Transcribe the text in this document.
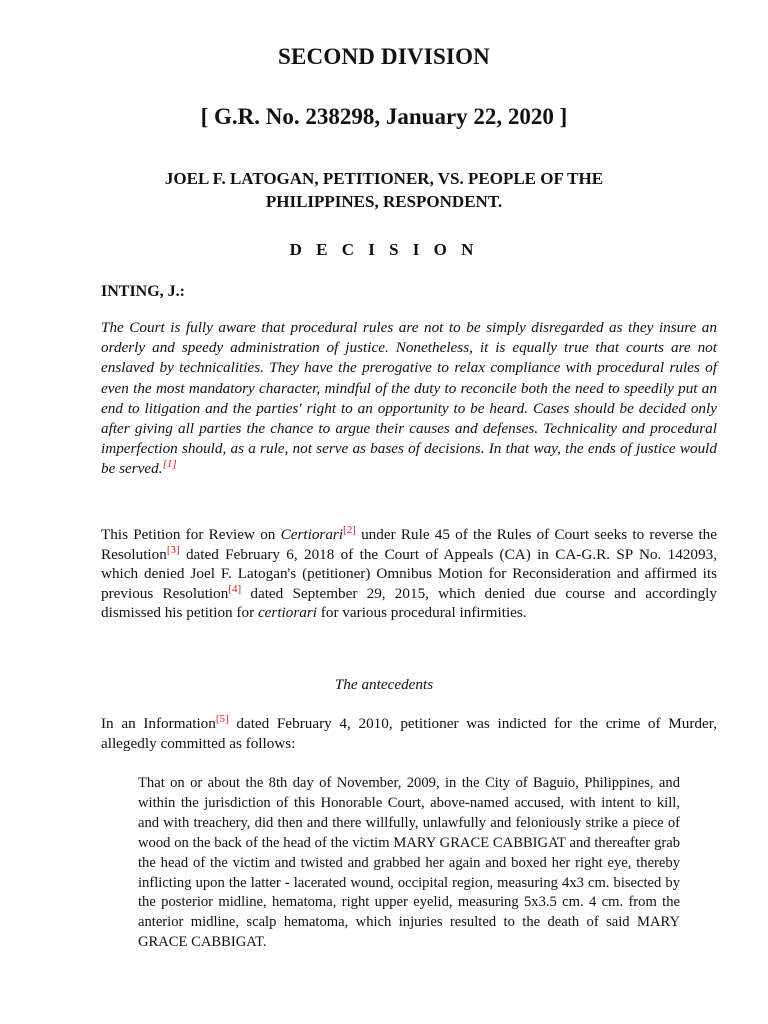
SECOND DIVISION
[ G.R. No. 238298, January 22, 2020 ]
JOEL F. LATOGAN, PETITIONER, VS. PEOPLE OF THE
PHILIPPINES, RESPONDENT.
D E C I S I O N
INTING, J.:
The Court is fully aware that procedural rules are not to be simply disregarded as they insure an orderly and speedy administration of justice. Nonetheless, it is equally true that courts are not enslaved by technicalities. They have the prerogative to relax compliance with procedural rules of even the most mandatory character, mindful of the duty to reconcile both the need to speedily put an end to litigation and the parties' right to an opportunity to be heard. Cases should be decided only after giving all parties the chance to argue their causes and defenses. Technicality and procedural imperfection should, as a rule, not serve as bases of decisions. In that way, the ends of justice would be served.[1]
This Petition for Review on Certiorari[2] under Rule 45 of the Rules of Court seeks to reverse the Resolution[3] dated February 6, 2018 of the Court of Appeals (CA) in CA-G.R. SP No. 142093, which denied Joel F. Latogan's (petitioner) Omnibus Motion for Reconsideration and affirmed its previous Resolution[4] dated September 29, 2015, which denied due course and accordingly dismissed his petition for certiorari for various procedural infirmities.
The antecedents
In an Information[5] dated February 4, 2010, petitioner was indicted for the crime of Murder, allegedly committed as follows:
That on or about the 8th day of November, 2009, in the City of Baguio, Philippines, and within the jurisdiction of this Honorable Court, above-named accused, with intent to kill, and with treachery, did then and there willfully, unlawfully and feloniously strike a piece of wood on the back of the head of the victim MARY GRACE CABBIGAT and thereafter grab the head of the victim and twisted and grabbed her again and boxed her right eye, thereby inflicting upon the latter - lacerated wound, occipital region, measuring 4x3 cm. bisected by the posterior midline, hematoma, right upper eyelid, measuring 5x3.5 cm. 4 cm. from the anterior midline, scalp hematoma, which injuries resulted to the death of said MARY GRACE CABBIGAT.
